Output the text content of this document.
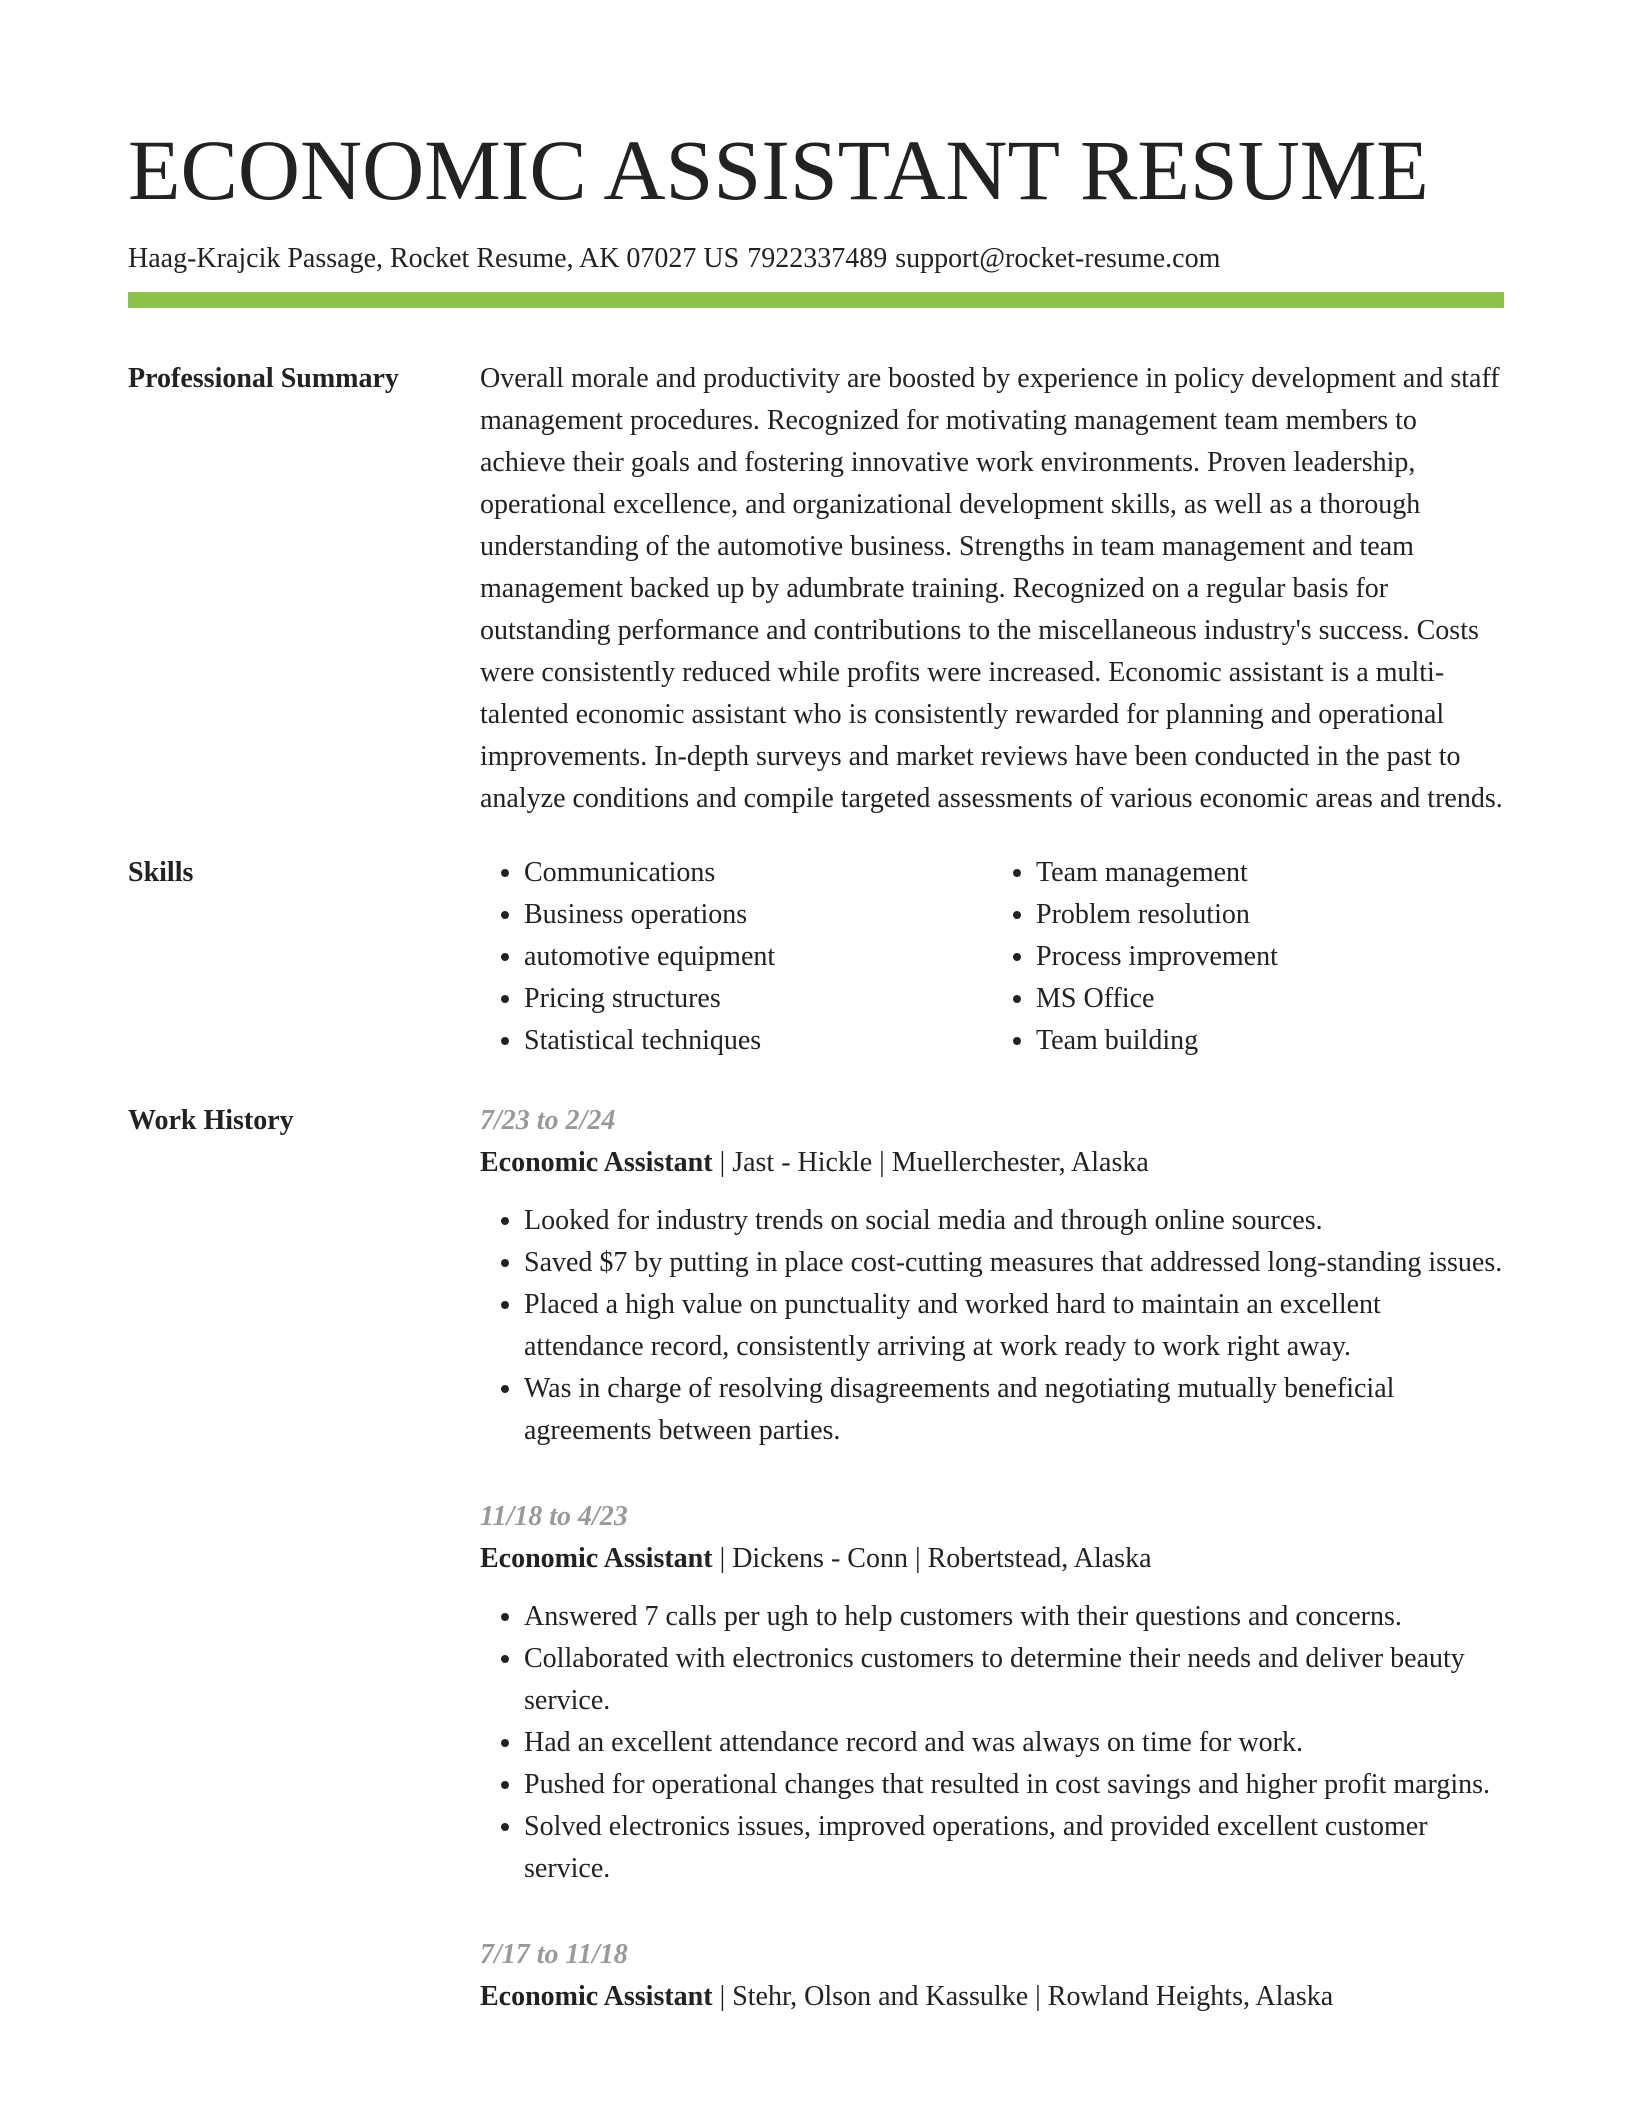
ECONOMIC ASSISTANT RESUME
Haag-Krajcik Passage, Rocket Resume, AK 07027 US 7922337489 support@rocket-resume.com
Professional Summary	Overall morale and productivity are boosted by experience in policy development and staff management procedures. Recognized for motivating management team members to achieve their goals and fostering innovative work environments. Proven leadership, operational excellence, and organizational development skills, as well as a thorough understanding of the automotive business. Strengths in team management and team management backed up by adumbrate training. Recognized on a regular basis for outstanding performance and contributions to the miscellaneous industry's success. Costs were consistently reduced while profits were increased. Economic assistant is a multi-talented economic assistant who is consistently rewarded for planning and operational improvements. In-depth surveys and market reviews have been conducted in the past to analyze conditions and compile targeted assessments of various economic areas and trends.

Skills
•	Communications
• Business operations
• automotive equipment
• Pricing structures
• Statistical techniques
• Team management
• Problem resolution
• Process improvement
• MS Office
• Team building
Work History	7/23 to 2/24
Economic Assistant | Jast - Hickle | Muellerchester, Alaska
• Looked for industry trends on social media and through online sources.
• Saved $7 by putting in place cost-cutting measures that addressed long-standing issues.
• Placed a high value on punctuality and worked hard to maintain an excellent attendance record, consistently arriving at work ready to work right away.
• Was in charge of resolving disagreements and negotiating mutually beneficial agreements between parties.
11/18 to 4/23
Economic Assistant | Dickens - Conn | Robertstead, Alaska
• Answered 7 calls per ugh to help customers with their questions and concerns.
• Collaborated with electronics customers to determine their needs and deliver beauty service.
• Had an excellent attendance record and was always on time for work.
• Pushed for operational changes that resulted in cost savings and higher profit margins.
• Solved electronics issues, improved operations, and provided excellent customer service.
7/17 to 11/18
Economic Assistant | Stehr, Olson and Kassulke | Rowland Heights, Alaska
